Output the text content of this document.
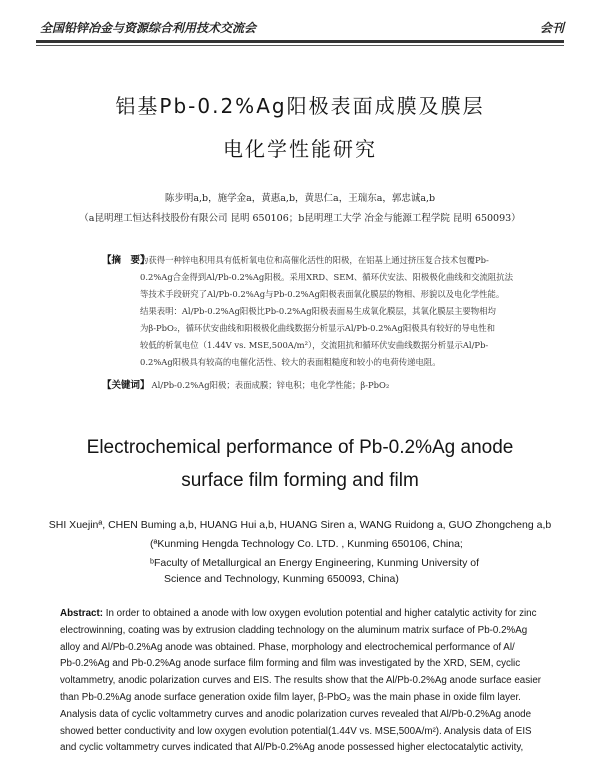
全国铅锌冶金与资源综合利用技术交流会	会刊
铝基Pb-0.2%Ag阳极表面成膜及膜层
电化学性能研究
陈步明a,b，施学金a，黄惠a,b，黄思仁a，王瑞东a，郭忠诚a,b
（a昆明理工恒达科技股份有限公司 昆明 650106；b昆明理工大学 冶金与能源工程学院 昆明 650093）
【摘　要】
为获得一种锌电积用具有低析氧电位和高催化活性的阳极，在铝基上通过挤压复合技术包覆Pb-
0.2%Ag合金得到Al/Pb-0.2%Ag阳极。采用XRD、SEM、循环伏安法、阳极极化曲线和交流阻抗法
等技术手段研究了Al/Pb-0.2%Ag与Pb-0.2%Ag阳极表面氧化膜层的物相、形貌以及电化学性能。
结果表明：Al/Pb-0.2%Ag阳极比Pb-0.2%Ag阳极表面易生成氧化膜层，其氧化膜层主要物相均
为β-PbO₂，循环伏安曲线和阳极极化曲线数据分析显示Al/Pb-0.2%Ag阳极具有较好的导电性和
较低的析氧电位（1.44V vs. MSE,500A/m²），交流阻抗和循环伏安曲线数据分析显示Al/Pb-
0.2%Ag阳极具有较高的电催化活性、较大的表面粗糙度和较小的电荷传递电阻。
【关键词】 Al/Pb-0.2%Ag阳极；表面成膜；锌电积；电化学性能；β-PbO₂
Electrochemical performance of Pb-0.2%Ag anode
surface film forming and film
SHI Xuejinª, CHEN Buming a,b, HUANG Hui a,b, HUANG Siren a, WANG Ruidong a, GUO Zhongcheng a,b
(ªKunming Hengda Technology Co. LTD. , Kunming 650106, China;
ᵇFaculty of Metallurgical an Energy Engineering, Kunming University of
Science and Technology, Kunming 650093, China)
Abstract: In order to obtained a anode with low oxygen evolution potential and higher catalytic activity for zinc
electrowinning, coating was by extrusion cladding technology on the aluminum matrix surface of Pb-0.2%Ag
alloy and Al/Pb-0.2%Ag anode was obtained. Phase, morphology and electrochemical performance of Al/
Pb-0.2%Ag and Pb-0.2%Ag anode surface film forming and film was investigated by the XRD, SEM, cyclic
voltammetry, anodic polarization curves and EIS. The results show that the Al/Pb-0.2%Ag anode surface easier
than Pb-0.2%Ag anode surface generation oxide film layer, β-PbO₂ was the main phase in oxide film layer.
Analysis data of cyclic voltammetry curves and anodic polarization curves revealed that Al/Pb-0.2%Ag anode
showed better conductivity and low oxygen evolution potential(1.44V vs. MSE,500A/m²). Analysis data of EIS
and cyclic voltammetry curves indicated that Al/Pb-0.2%Ag anode possessed higher electocatalytic activity,
